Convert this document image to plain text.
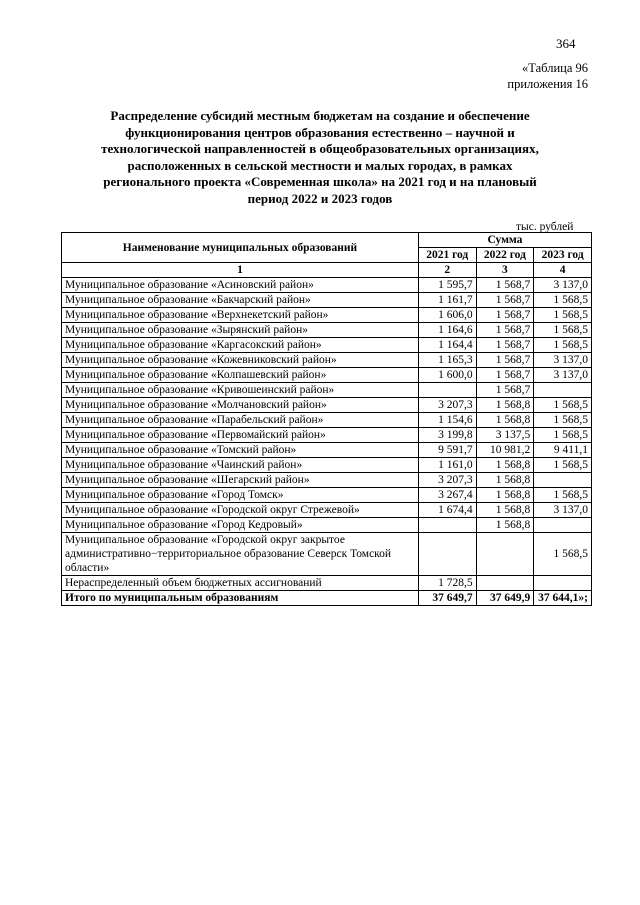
364
«Таблица 96
приложения 16
Распределение субсидий местным бюджетам на создание и обеспечение
функционирования центров образования естественно – научной и
технологической направленностей в общеобразовательных организациях,
расположенных в сельской местности и малых городах, в рамках
регионального проекта «Современная школа» на 2021 год и на плановый
период 2022 и 2023 годов
тыс. рублей
Наименование муниципальных образований	Сумма		
	2021 год	2022 год	2023 год
1	2	3	4
Муниципальное образование «Асиновский район»	1 595,7	1 568,7	3 137,0
Муниципальное образование «Бакчарский район»	1 161,7	1 568,7	1 568,5
Муниципальное образование «Верхнекетский район»	1 606,0	1 568,7	1 568,5
Муниципальное образование «Зырянский район»	1 164,6	1 568,7	1 568,5
Муниципальное образование «Каргасокский район»	1 164,4	1 568,7	1 568,5
Муниципальное образование «Кожевниковский район»	1 165,3	1 568,7	3 137,0
Муниципальное образование «Колпашевский район»	1 600,0	1 568,7	3 137,0
Муниципальное образование «Кривошеинский район»		1 568,7	
Муниципальное образование «Молчановский район»	3 207,3	1 568,8	1 568,5
Муниципальное образование «Парабельский район»	1 154,6	1 568,8	1 568,5
Муниципальное образование «Первомайский район»	3 199,8	3 137,5	1 568,5
Муниципальное образование «Томский район»	9 591,7	10 981,2	9 411,1
Муниципальное образование «Чаинский район»	1 161,0	1 568,8	1 568,5
Муниципальное образование «Шегарский район»	3 207,3	1 568,8	
Муниципальное образование «Город Томск»	3 267,4	1 568,8	1 568,5
Муниципальное образование «Городской округ Стрежевой»	1 674,4	1 568,8	3 137,0
Муниципальное образование «Город Кедровый»		1 568,8	
Муниципальное образование «Городской округ закрытое административно−территориальное образование Северск Томской области»			1 568,5
Нераспределенный объем бюджетных ассигнований	1 728,5		
Итого по муниципальным образованиям	37 649,7	37 649,9	37 644,1»;
